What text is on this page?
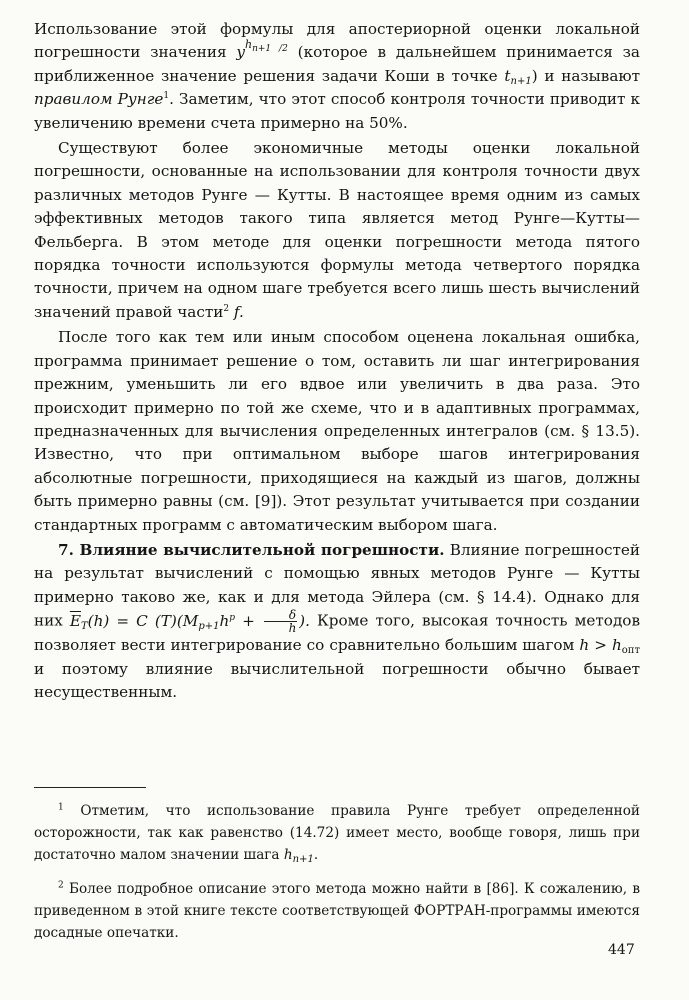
Использование этой формулы для апостериорной оценки локальной погрешности значения $y^{h_{n+1 /2}}$ (которое в дальнейшем принимается за приближенное значение решения задачи Коши в точке $t_{n+1}$) и называют правилом Рунге$^1$. Заметим, что этот способ контроля точности приводит к увеличению времени счета примерно на 50%.

Существуют более экономичные методы оценки локальной погрешности, основанные на использовании для контроля точности двух различных методов Рунге — Кутты. В настоящее время одним из самых эффективных методов такого типа является метод Рунге—Кутты—Фельберга. В этом методе для оценки погрешности метода пятого порядка точности используются формулы метода четвертого порядка точности, причем на одном шаге требуется всего лишь шесть вычислений значений правой части$^2$ f.

После того как тем или иным способом оценена локальная ошибка, программа принимает решение о том, оставить ли шаг интегрирования прежним, уменьшить ли его вдвое или увеличить в два раза. Это происходит примерно по той же схеме, что и в адаптивных программах, предназначенных для вычисления определенных интегралов (см. § 13.5). Известно, что при оптимальном выборе шагов интегрирования абсолютные погрешности, приходящиеся на каждый из шагов, должны быть примерно равны (см. [9]). Этот результат учитывается при создании стандартных программ с автоматическим выбором шага.

7. Влияние вычислительной погрешности. Влияние погрешностей на результат вычислений с помощью явных методов Рунге — Кутты примерно таково же, как и для метода Эйлера (см. § 14.4). Однако для них $\overline{E}_T(h) = C$ $(T)(M_{p+1}h^p + \frac{\delta}{h}$ ). Кроме того, высокая точность методов позволяет вести интегрирование со сравнительно большим шагом $h > h_{опт}$ и поэтому влияние вычислительной погрешности обычно бывает несущественным.

$^1$ Отметим, что использование правила Рунге требует определенной осторожности, так как равенство (14.72) имеет место, вообще говоря, лишь при достаточно малом значении шага $h_{n+1}$.

$^2$ Более подробное описание этого метода можно найти в [86]. К сожалению, в приведенном в этой книге тексте соответствующей ФОРТРАН-программы имеются досадные опечатки.

447
